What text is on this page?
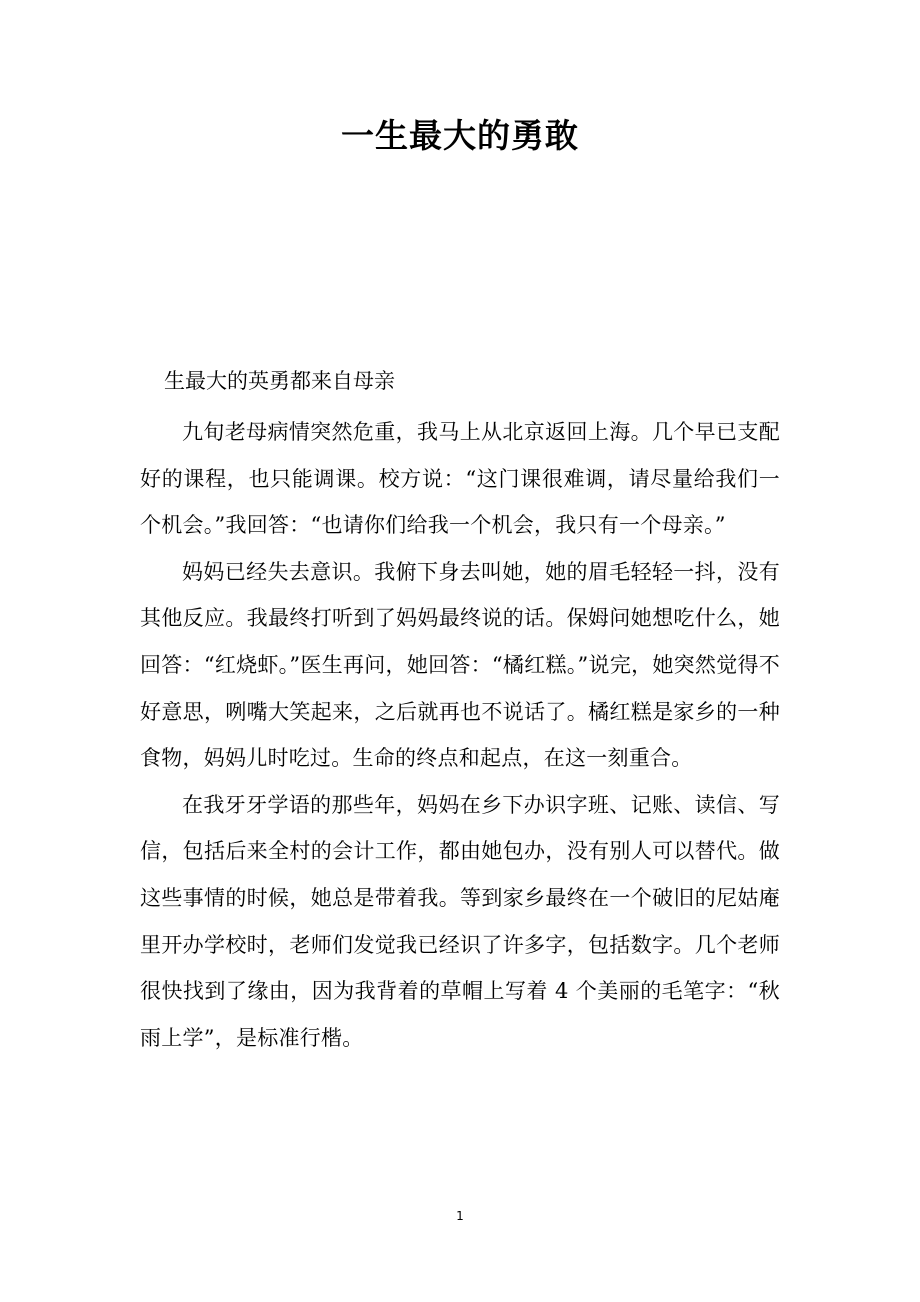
一生最大的勇敢

生最大的英勇都来自母亲

九旬老母病情突然危重，我马上从北京返回上海。几个早已支配好的课程，也只能调课。校方说：“这门课很难调，请尽量给我们一个机会。”我回答：“也请你们给我一个机会，我只有一个母亲。”

妈妈已经失去意识。我俯下身去叫她，她的眉毛轻轻一抖，没有其他反应。我最终打听到了妈妈最终说的话。保姆问她想吃什么，她回答：“红烧虾。”医生再问，她回答：“橘红糕。”说完，她突然觉得不好意思，咧嘴大笑起来，之后就再也不说话了。橘红糕是家乡的一种食物，妈妈儿时吃过。生命的终点和起点，在这一刻重合。

在我牙牙学语的那些年，妈妈在乡下办识字班、记账、读信、写信，包括后来全村的会计工作，都由她包办，没有别人可以替代。做这些事情的时候，她总是带着我。等到家乡最终在一个破旧的尼姑庵里开办学校时，老师们发觉我已经识了许多字，包括数字。几个老师很快找到了缘由，因为我背着的草帽上写着 4 个美丽的毛笔字：“秋雨上学”，是标准行楷。

1
